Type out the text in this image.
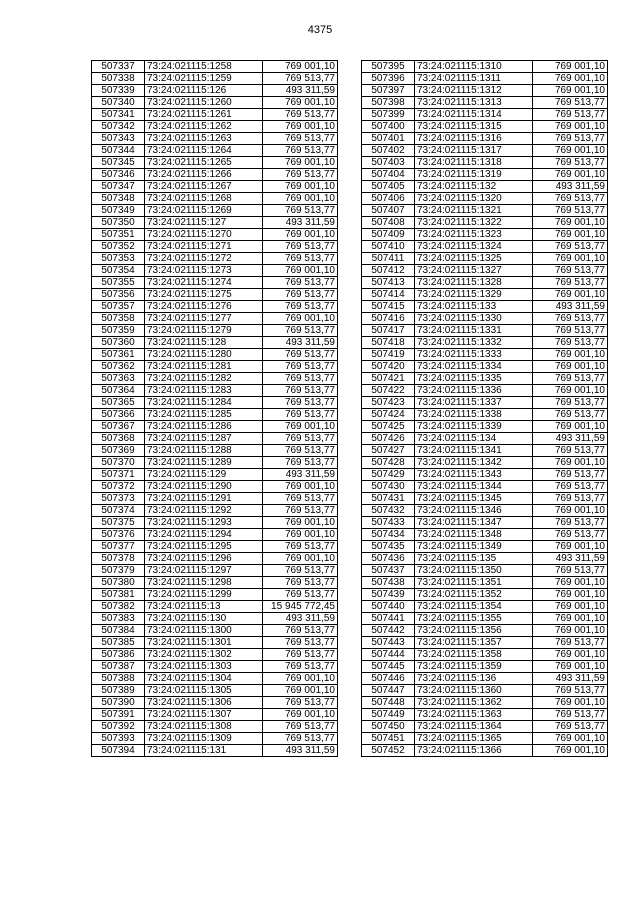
4375
507337	73:24:021115:1258	769 001,10
507338	73:24:021115:1259	769 513,77
507339	73:24:021115:126	493 311,59
507340	73:24:021115:1260	769 001,10
507341	73:24:021115:1261	769 513,77
507342	73:24:021115:1262	769 001,10
507343	73:24:021115:1263	769 513,77
507344	73:24:021115:1264	769 513,77
507345	73:24:021115:1265	769 001,10
507346	73:24:021115:1266	769 513,77
507347	73:24:021115:1267	769 001,10
507348	73:24:021115:1268	769 001,10
507349	73:24:021115:1269	769 513,77
507350	73:24:021115:127	493 311,59
507351	73:24:021115:1270	769 001,10
507352	73:24:021115:1271	769 513,77
507353	73:24:021115:1272	769 513,77
507354	73:24:021115:1273	769 001,10
507355	73:24:021115:1274	769 513,77
507356	73:24:021115:1275	769 513,77
507357	73:24:021115:1276	769 513,77
507358	73:24:021115:1277	769 001,10
507359	73:24:021115:1279	769 513,77
507360	73:24:021115:128	493 311,59
507361	73:24:021115:1280	769 513,77
507362	73:24:021115:1281	769 513,77
507363	73:24:021115:1282	769 513,77
507364	73:24:021115:1283	769 513,77
507365	73:24:021115:1284	769 513,77
507366	73:24:021115:1285	769 513,77
507367	73:24:021115:1286	769 001,10
507368	73:24:021115:1287	769 513,77
507369	73:24:021115:1288	769 513,77
507370	73:24:021115:1289	769 513,77
507371	73:24:021115:129	493 311,59
507372	73:24:021115:1290	769 001,10
507373	73:24:021115:1291	769 513,77
507374	73:24:021115:1292	769 513,77
507375	73:24:021115:1293	769 001,10
507376	73:24:021115:1294	769 001,10
507377	73:24:021115:1295	769 513,77
507378	73:24:021115:1296	769 001,10
507379	73:24:021115:1297	769 513,77
507380	73:24:021115:1298	769 513,77
507381	73:24:021115:1299	769 513,77
507382	73:24:021115:13	15 945 772,45
507383	73:24:021115:130	493 311,59
507384	73:24:021115:1300	769 513,77
507385	73:24:021115:1301	769 513,77
507386	73:24:021115:1302	769 513,77
507387	73:24:021115:1303	769 513,77
507388	73:24:021115:1304	769 001,10
507389	73:24:021115:1305	769 001,10
507390	73:24:021115:1306	769 513,77
507391	73:24:021115:1307	769 001,10
507392	73:24:021115:1308	769 513,77
507393	73:24:021115:1309	769 513,77
507394	73:24:021115:131	493 311,59
507395	73:24:021115:1310	769 001,10
507396	73:24:021115:1311	769 001,10
507397	73:24:021115:1312	769 001,10
507398	73:24:021115:1313	769 513,77
507399	73:24:021115:1314	769 513,77
507400	73:24:021115:1315	769 001,10
507401	73:24:021115:1316	769 513,77
507402	73:24:021115:1317	769 001,10
507403	73:24:021115:1318	769 513,77
507404	73:24:021115:1319	769 001,10
507405	73:24:021115:132	493 311,59
507406	73:24:021115:1320	769 513,77
507407	73:24:021115:1321	769 513,77
507408	73:24:021115:1322	769 001,10
507409	73:24:021115:1323	769 001,10
507410	73:24:021115:1324	769 513,77
507411	73:24:021115:1325	769 001,10
507412	73:24:021115:1327	769 513,77
507413	73:24:021115:1328	769 513,77
507414	73:24:021115:1329	769 001,10
507415	73:24:021115:133	493 311,59
507416	73:24:021115:1330	769 513,77
507417	73:24:021115:1331	769 513,77
507418	73:24:021115:1332	769 513,77
507419	73:24:021115:1333	769 001,10
507420	73:24:021115:1334	769 001,10
507421	73:24:021115:1335	769 513,77
507422	73:24:021115:1336	769 001,10
507423	73:24:021115:1337	769 513,77
507424	73:24:021115:1338	769 513,77
507425	73:24:021115:1339	769 001,10
507426	73:24:021115:134	493 311,59
507427	73:24:021115:1341	769 513,77
507428	73:24:021115:1342	769 001,10
507429	73:24:021115:1343	769 513,77
507430	73:24:021115:1344	769 513,77
507431	73:24:021115:1345	769 513,77
507432	73:24:021115:1346	769 001,10
507433	73:24:021115:1347	769 513,77
507434	73:24:021115:1348	769 513,77
507435	73:24:021115:1349	769 001,10
507436	73:24:021115:135	493 311,59
507437	73:24:021115:1350	769 513,77
507438	73:24:021115:1351	769 001,10
507439	73:24:021115:1352	769 001,10
507440	73:24:021115:1354	769 001,10
507441	73:24:021115:1355	769 001,10
507442	73:24:021115:1356	769 001,10
507443	73:24:021115:1357	769 513,77
507444	73:24:021115:1358	769 001,10
507445	73:24:021115:1359	769 001,10
507446	73:24:021115:136	493 311,59
507447	73:24:021115:1360	769 513,77
507448	73:24:021115:1362	769 001,10
507449	73:24:021115:1363	769 513,77
507450	73:24:021115:1364	769 513,77
507451	73:24:021115:1365	769 001,10
507452	73:24:021115:1366	769 001,10
